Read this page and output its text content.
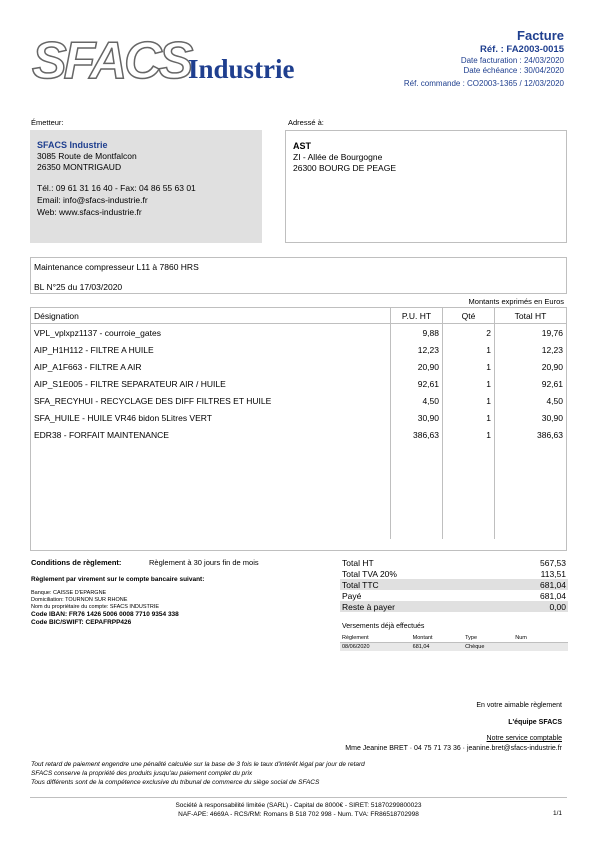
SFACS
Industrie
Facture
Réf. : FA2003-0015
Date facturation : 24/03/2020
Date échéance : 30/04/2020
Réf. commande : CO2003-1365 / 12/03/2020
Émetteur:
SFACS Industrie
3085 Route de Montfalcon
26350 MONTRIGAUD
Tél.: 09 61 31 16 40 - Fax: 04 86 55 63 01
Email: info@sfacs-industrie.fr
Web: www.sfacs-industrie.fr
Adressé à:
AST
ZI - Allée de Bourgogne
26300 BOURG DE PEAGE
Maintenance compresseur L11 à 7860 HRS
BL N°25 du 17/03/2020
Montants exprimés en Euros
Désignation	P.U. HT	Qté	Total HT
VPL_vplxpz1137 - courroie_gates	9,88	2	19,76
AIP_H1H112 - FILTRE A HUILE	12,23	1	12,23
AIP_A1F663 - FILTRE A AIR	20,90	1	20,90
AIP_S1E005 - FILTRE SEPARATEUR AIR / HUILE	92,61	1	92,61
SFA_RECYHUI - RECYCLAGE DES DIFF FILTRES ET HUILE	4,50	1	4,50
SFA_HUILE - HUILE VR46 bidon 5Litres VERT	30,90	1	30,90
EDR38 - FORFAIT MAINTENANCE	386,63	1	386,63

Conditions de règlement:	Règlement à 30 jours fin de mois
Règlement par virement sur le compte bancaire suivant:
Banque: CAISSE D'EPARGNE
Domiciliation: TOURNON SUR RHONE
Nom du propriétaire du compte: SFACS INDUSTRIE
Code IBAN: FR76 1426 5006 0008 7710 9354 338
Code BIC/SWIFT: CEPAFRPP426
Total HT	567,53
Total TVA 20%	113,51
Total TTC	681,04
Payé	681,04
Reste à payer	0,00
Versements déjà effectués
Règlement	Montant	Type	Num
08/06/2020	681,04	Chèque	
En votre aimable règlement
L'équipe SFACS
Notre service comptable
Mme Jeanine BRET · 04 75 71 73 36 · jeanine.bret@sfacs-industrie.fr
Tout retard de paiement engendre une pénalité calculée sur la base de 3 fois le taux d'intérêt légal par jour de retard
SFACS conserve la propriété des produits jusqu'au paiement complet du prix
Tous différents sont de la compétence exclusive du tribunal de commerce du siège social de SFACS
Société à responsabilité limitée (SARL) - Capital de 8000€ - SIRET: 51870299800023
NAF-APE: 4669A - RCS/RM: Romans B 518 702 998 - Num. TVA: FR86518702998	1/1
